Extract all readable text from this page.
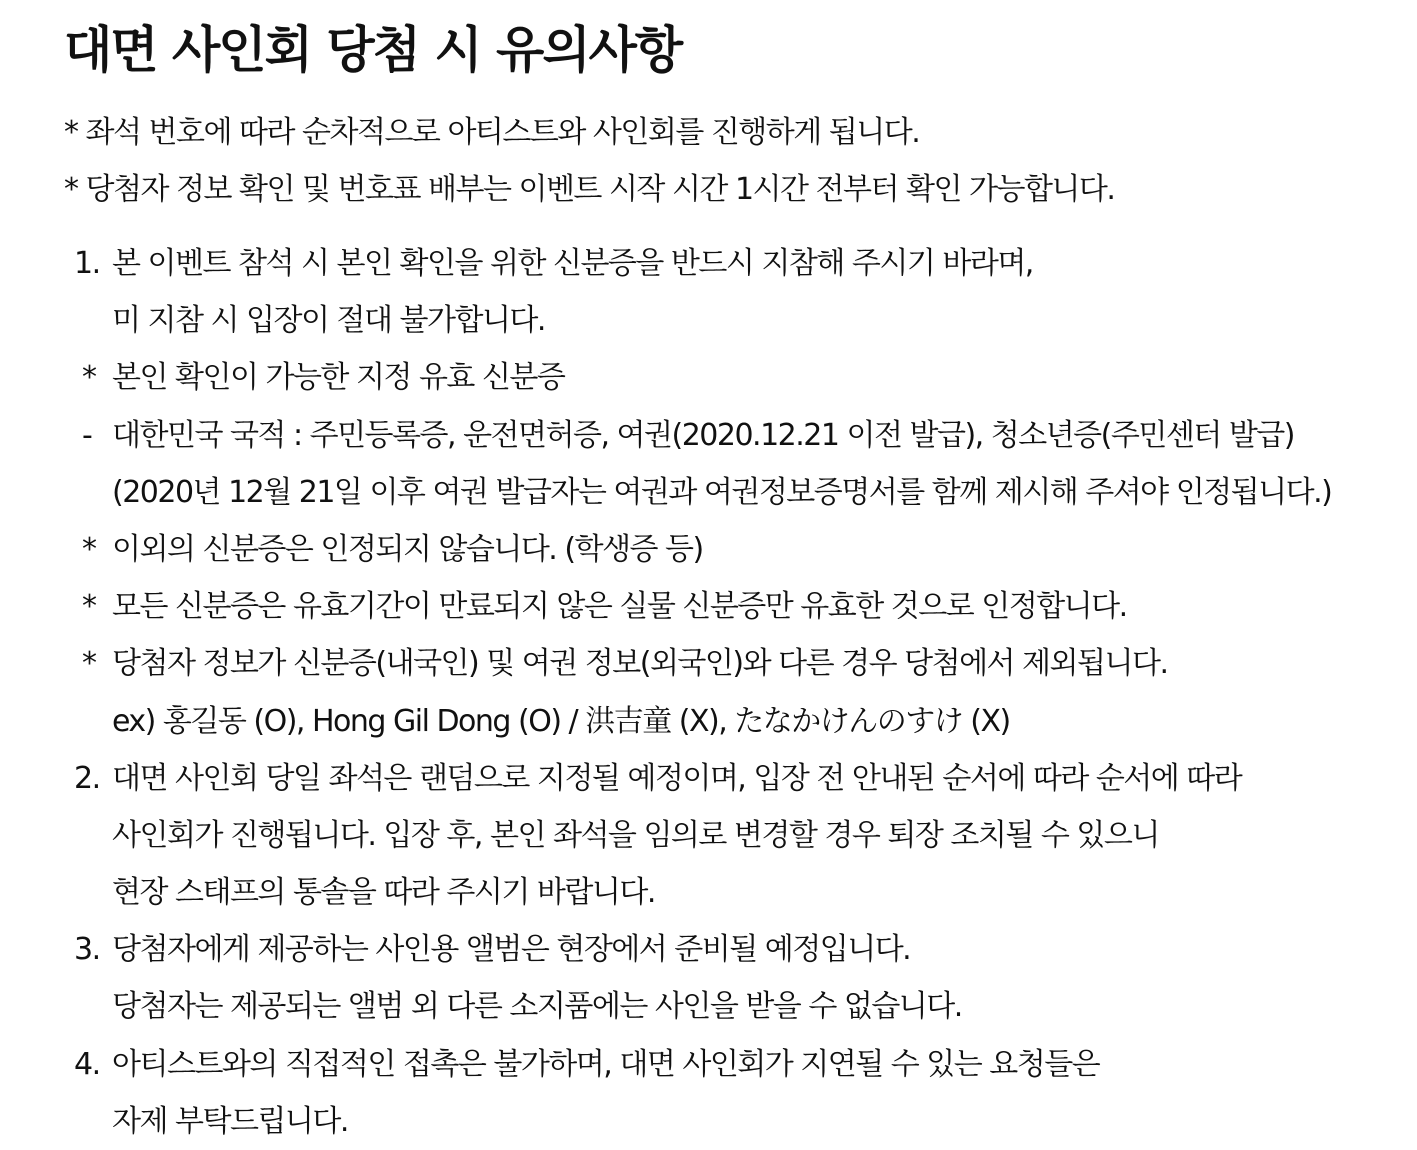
대면 사인회 당첨 시 유의사항
* 좌석 번호에 따라 순차적으로 아티스트와 사인회를 진행하게 됩니다.
* 당첨자 정보 확인 및 번호표 배부는 이벤트 시작 시간 1시간 전부터 확인 가능합니다.
1. 본 이벤트 참석 시 본인 확인을 위한 신분증을 반드시 지참해 주시기 바라며,
미 지참 시 입장이 절대 불가합니다.
* 본인 확인이 가능한 지정 유효 신분증
- 대한민국 국적 : 주민등록증, 운전면허증, 여권(2020.12.21 이전 발급), 청소년증(주민센터 발급)
(2020년 12월 21일 이후 여권 발급자는 여권과 여권정보증명서를 함께 제시해 주셔야 인정됩니다.)
* 이외의 신분증은 인정되지 않습니다. (학생증 등)
* 모든 신분증은 유효기간이 만료되지 않은 실물 신분증만 유효한 것으로 인정합니다.
* 당첨자 정보가 신분증(내국인) 및 여권 정보(외국인)와 다른 경우 당첨에서 제외됩니다.
ex) 홍길동 (O), Hong Gil Dong (O) / 洪吉童 (X), たなかけんのすけ (X)
2. 대면 사인회 당일 좌석은 랜덤으로 지정될 예정이며, 입장 전 안내된 순서에 따라 순서에 따라
사인회가 진행됩니다. 입장 후, 본인 좌석을 임의로 변경할 경우 퇴장 조치될 수 있으니
현장 스태프의 통솔을 따라 주시기 바랍니다.
3. 당첨자에게 제공하는 사인용 앨범은 현장에서 준비될 예정입니다.
당첨자는 제공되는 앨범 외 다른 소지품에는 사인을 받을 수 없습니다.
4. 아티스트와의 직접적인 접촉은 불가하며, 대면 사인회가 지연될 수 있는 요청들은
자제 부탁드립니다.
